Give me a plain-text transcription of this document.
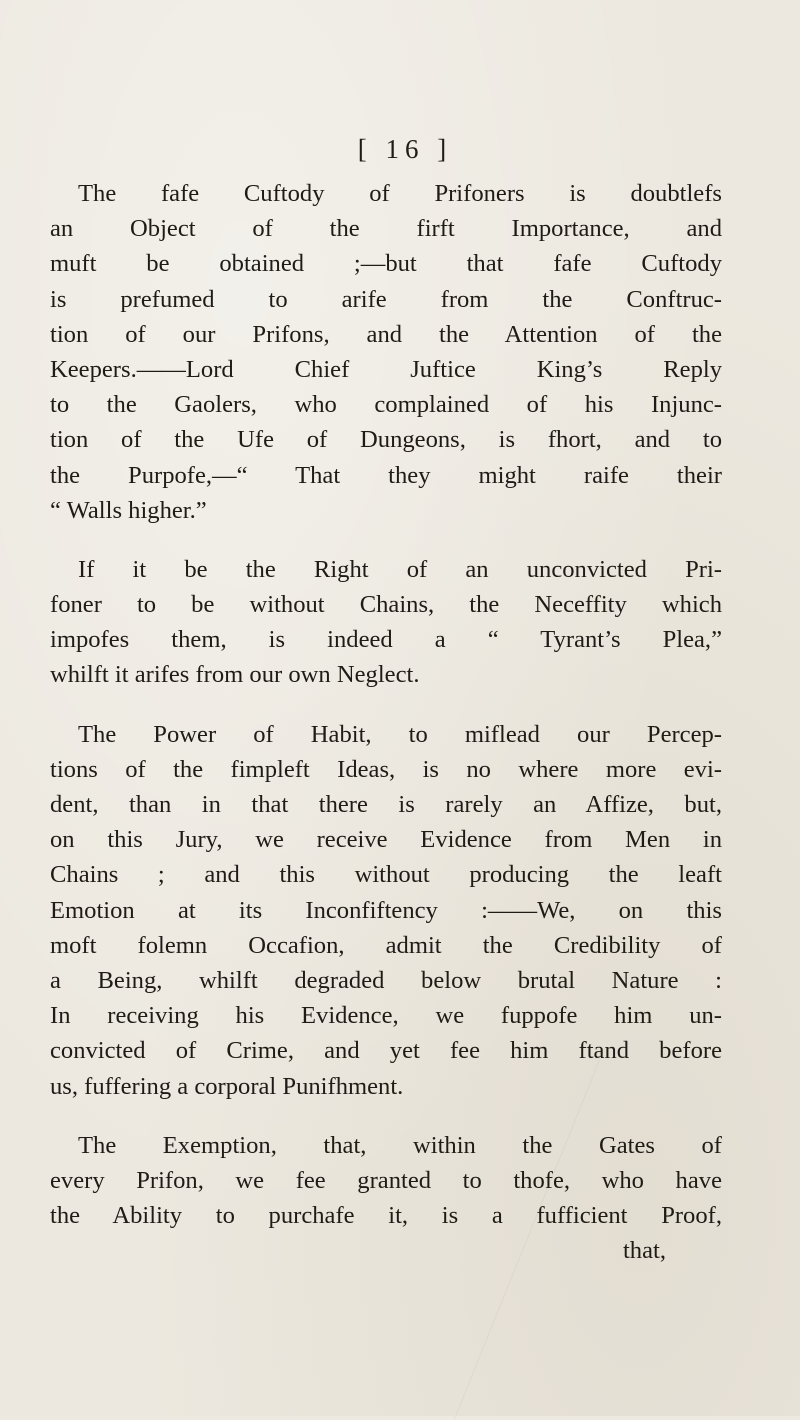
[ 16 ]
The fafe Cuftody of Prifoners is doubtlefs
an Object of the firft Importance, and
muft be obtained ;—but that fafe Cuftody
is prefumed to arife from the Conftruc-
tion of our Prifons, and the Attention of the
Keepers.——Lord Chief Juftice King’s Reply
to the Gaolers, who complained of his Injunc-
tion of the Ufe of Dungeons, is fhort, and to
the Purpofe,—“ That they might raife their
“ Walls higher.”
If it be the Right of an unconvicted Pri-
foner to be without Chains, the Neceffity which
impofes them, is indeed a “ Tyrant’s Plea,”
whilft it arifes from our own Neglect.
The Power of Habit, to miflead our Percep-
tions of the fimpleft Ideas, is no where more evi-
dent, than in that there is rarely an Affize, but,
on this Jury, we receive Evidence from Men in
Chains ; and this without producing the leaft
Emotion at its Inconfiftency :——We, on this
moft folemn Occafion, admit the Credibility of
a Being, whilft degraded below brutal Nature :
In receiving his Evidence, we fuppofe him un-
convicted of Crime, and yet fee him ftand before
us, fuffering a corporal Punifhment.
The Exemption, that, within the Gates of
every Prifon, we fee granted to thofe, who have
the Ability to purchafe it, is a fufficient Proof,
that,
